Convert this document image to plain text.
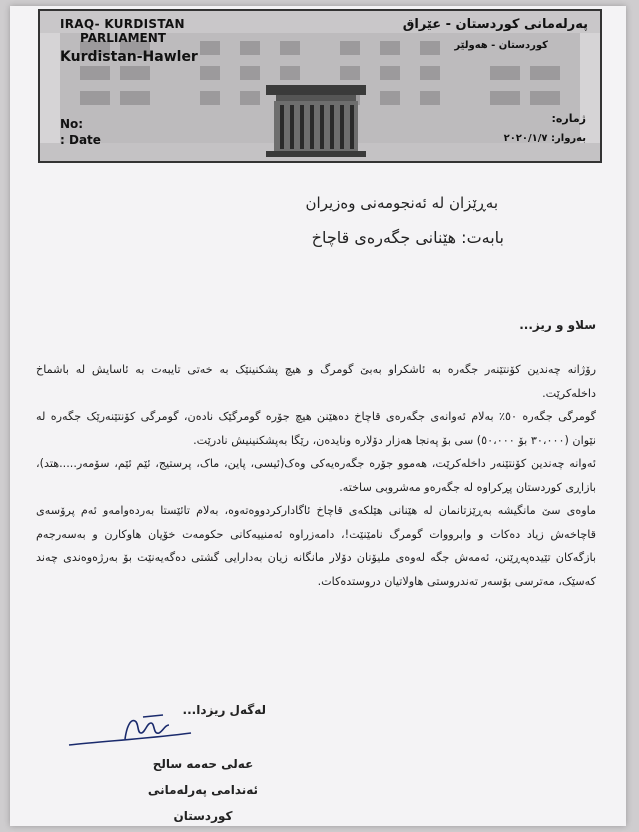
IRAQ- KURDISTAN
PARLIAMENT
Kurdistan-Hawler
پەرلەمانی کوردستان - عێراق
کوردستان - هەولێر
No:
: Date
ژمارە:
بەروار: ٢٠٢٠/١/٧
بەڕێزان لە ئەنجومەنی وەزیران
بابەت: هێنانی جگەرەی قاچاخ
سلاو و ریز...

رۆژانە چەندین کۆنتێنەر جگەرە بە ئاشکراو بەبێ گومرگ و هیچ پشکنینێک بە خەتی تایبەت بە ئاسایش لە باشماخ داخلەکرێت.

گومرگی جگەرە ٥٠٪ بەلام ئەوانەی جگەرەی قاچاخ دەهێنن هیچ جۆرە گومرگێک نادەن، گومرگی کۆنتێنەرێک جگەرە لە نێوان (٣٠،٠٠٠ بۆ ٥٠،٠٠٠) سی بۆ پەنجا هەزار دۆلارە ونایدەن، رێگا بەپشکنینیش نادرێت.

ئەوانە چەندین کۆنتێنەر داخلەکرێت، هەموو جۆرە جگەرەیەکی وەک(ئیسی، پاین، ماک، پرستیج، ئێم ئێم، سۆمەر.....هتد)، بازاڕی کوردستان پڕکراوە لە جگەرەو مەشروبی ساختە.

ماوەی سێ مانگیشە بەڕێزتانمان لە هێنانی هێلکەی قاچاخ ئاگادارکردووەتەوە، بەلام تائێستا بەردەوامەو ئەم پرۆسەی قاچاخەش زیاد دەکات و وابرووات گومرگ نامێنێت!، دامەزراوە ئەمنییەکانی حکومەت خۆیان هاوکارن و بەسەرجەم بازگەکان تێیدەپەڕێنن، ئەمەش جگە لەوەی ملیۆنان دۆلار مانگانە زیان بەدارایی گشتی دەگەیەنێت بۆ بەرژەوەندی چەند کەسێک، مەترسی بۆسەر تەندروستی هاولاتیان دروستدەکات.

لەگەل ریزدا...
عەلی حەمە سالح
ئەندامی پەرلەمانی کوردستان
